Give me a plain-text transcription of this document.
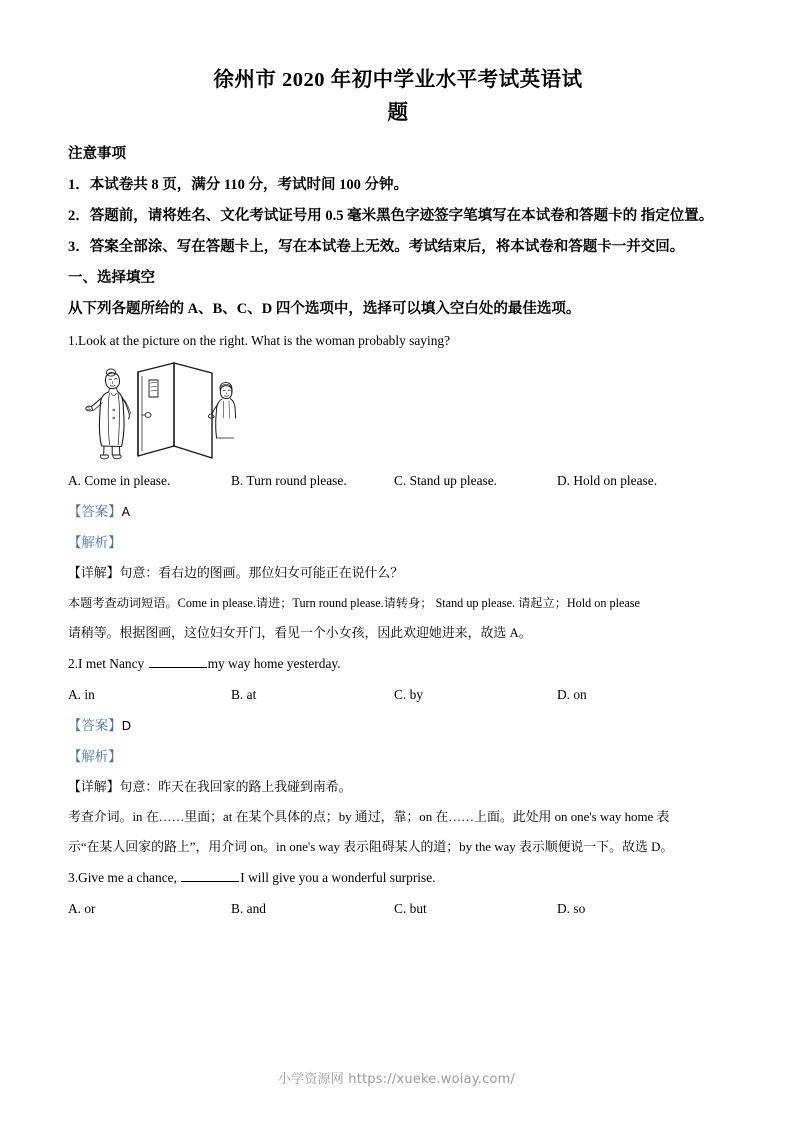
徐州市 2020 年初中学业水平考试英语试
题
注意事项
1．本试卷共 8 页，满分 110 分，考试时间 100 分钟。
2．答题前，请将姓名、文化考试证号用 0.5 毫米黑色字迹签字笔填写在本试卷和答题卡的 指定位置。
3．答案全部涂、写在答题卡上，写在本试卷上无效。考试结束后，将本试卷和答题卡一并交回。
一、选择填空
从下列各题所给的 A、B、C、D 四个选项中，选择可以填入空白处的最佳选项。
1.Look at the picture on the right. What is the woman probably saying?
A. Come in please.	B. Turn round please.	C. Stand up please.	D. Hold on please.
【答案】A
【解析】
【详解】句意：看右边的图画。那位妇女可能正在说什么？
本题考查动词短语。Come in please.请进；Turn round please.请转身； Stand up please. 请起立；Hold on please
请稍等。根据图画，这位妇女开门，看见一个小女孩，因此欢迎她进来，故选 A。
2.I met Nancy	my way home yesterday.
A. in	B. at	C. by	D. on
【答案】D
【解析】
【详解】句意：昨天在我回家的路上我碰到南希。
考查介词。in 在……里面；at 在某个具体的点；by 通过，靠；on 在……上面。此处用 on one's way home 表
示“在某人回家的路上”，用介词 on。in one's way 表示阻碍某人的道；by the way 表示顺便说一下。故选 D。
3.Give me a chance,	I will give you a wonderful surprise.
A. or	B. and	C. but	D. so
小学资源网 https://xueke.woiay.com/
